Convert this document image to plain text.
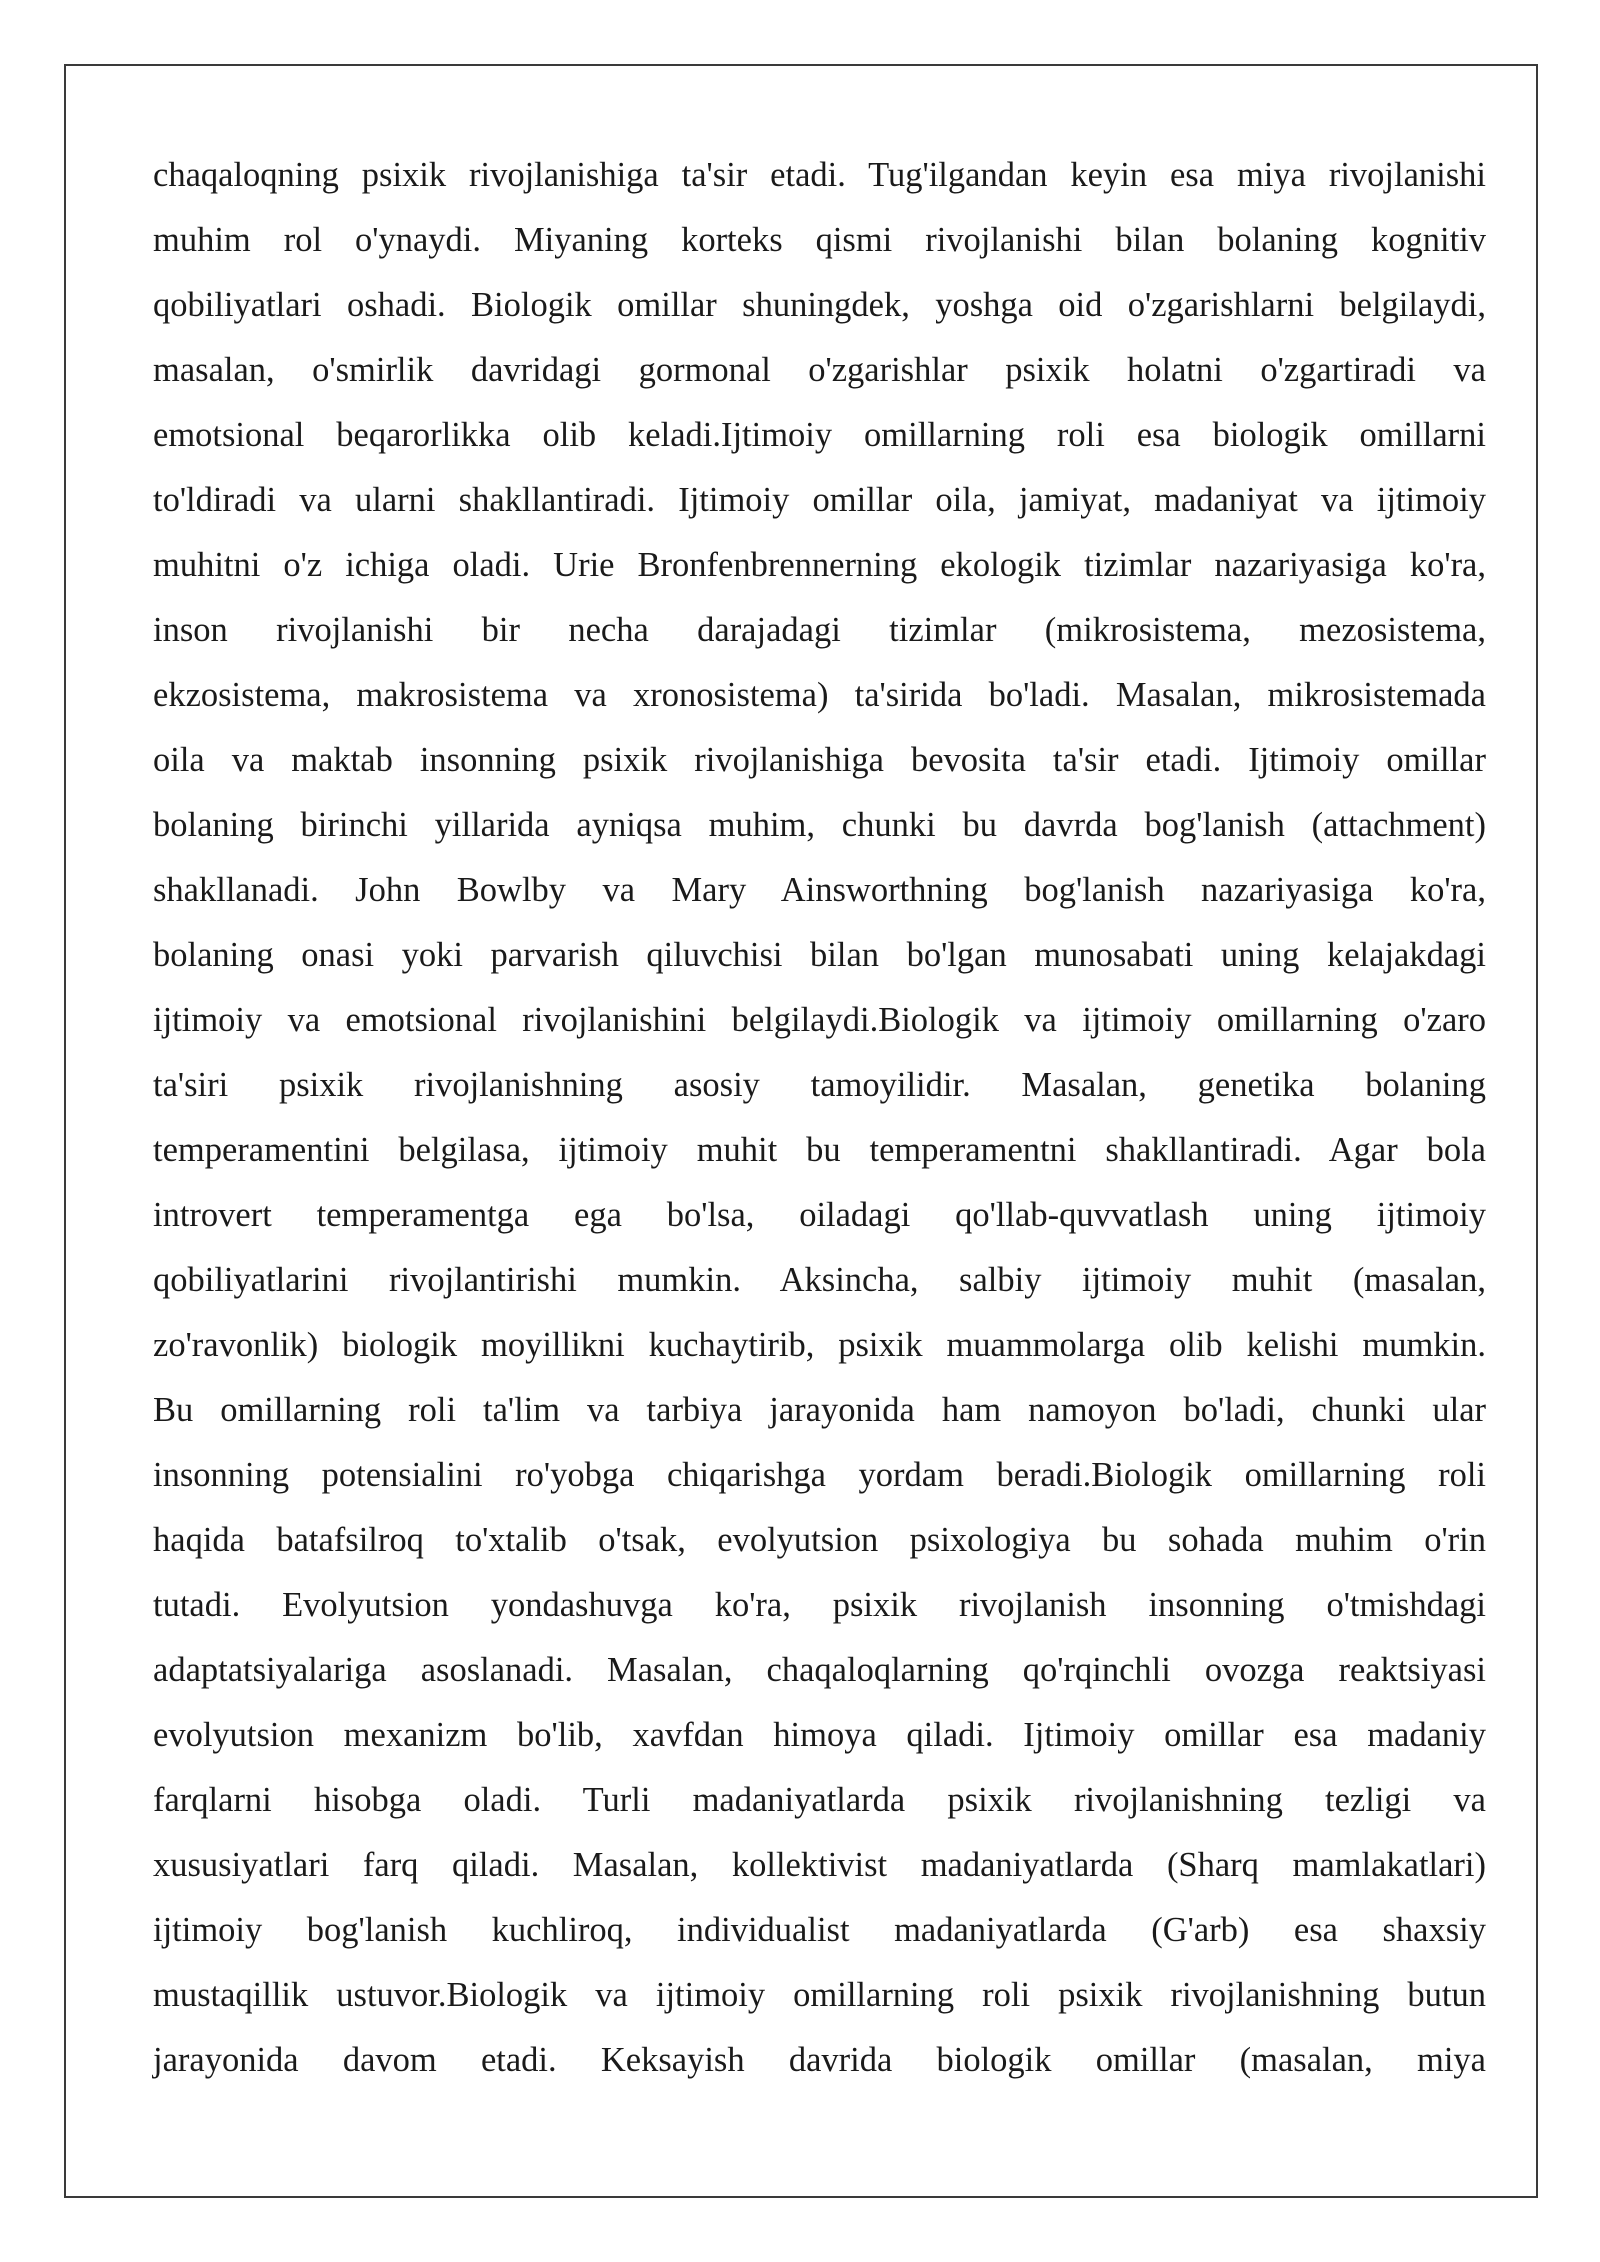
chaqaloqning psixik rivojlanishiga ta'sir etadi. Tug'ilgandan keyin esa miya rivojlanishi
muhim rol o'ynaydi. Miyaning korteks qismi rivojlanishi bilan bolaning kognitiv
qobiliyatlari oshadi. Biologik omillar shuningdek, yoshga oid o'zgarishlarni belgilaydi,
masalan, o'smirlik davridagi gormonal o'zgarishlar psixik holatni o'zgartiradi va
emotsional beqarorlikka olib keladi.Ijtimoiy omillarning roli esa biologik omillarni
to'ldiradi va ularni shakllantiradi. Ijtimoiy omillar oila, jamiyat, madaniyat va ijtimoiy
muhitni o'z ichiga oladi. Urie Bronfenbrennerning ekologik tizimlar nazariyasiga ko'ra,
inson rivojlanishi bir necha darajadagi tizimlar (mikrosistema, mezosistema,
ekzosistema, makrosistema va xronosistema) ta'sirida bo'ladi. Masalan, mikrosistemada
oila va maktab insonning psixik rivojlanishiga bevosita ta'sir etadi. Ijtimoiy omillar
bolaning birinchi yillarida ayniqsa muhim, chunki bu davrda bog'lanish (attachment)
shakllanadi. John Bowlby va Mary Ainsworthning bog'lanish nazariyasiga ko'ra,
bolaning onasi yoki parvarish qiluvchisi bilan bo'lgan munosabati uning kelajakdagi
ijtimoiy va emotsional rivojlanishini belgilaydi.Biologik va ijtimoiy omillarning o'zaro
ta'siri psixik rivojlanishning asosiy tamoyilidir. Masalan, genetika bolaning
temperamentini belgilasa, ijtimoiy muhit bu temperamentni shakllantiradi. Agar bola
introvert temperamentga ega bo'lsa, oiladagi qo'llab-quvvatlash uning ijtimoiy
qobiliyatlarini rivojlantirishi mumkin. Aksincha, salbiy ijtimoiy muhit (masalan,
zo'ravonlik) biologik moyillikni kuchaytirib, psixik muammolarga olib kelishi mumkin.
Bu omillarning roli ta'lim va tarbiya jarayonida ham namoyon bo'ladi, chunki ular
insonning potensialini ro'yobga chiqarishga yordam beradi.Biologik omillarning roli
haqida batafsilroq to'xtalib o'tsak, evolyutsion psixologiya bu sohada muhim o'rin
tutadi. Evolyutsion yondashuvga ko'ra, psixik rivojlanish insonning o'tmishdagi
adaptatsiyalariga asoslanadi. Masalan, chaqaloqlarning qo'rqinchli ovozga reaktsiyasi
evolyutsion mexanizm bo'lib, xavfdan himoya qiladi. Ijtimoiy omillar esa madaniy
farqlarni hisobga oladi. Turli madaniyatlarda psixik rivojlanishning tezligi va
xususiyatlari farq qiladi. Masalan, kollektivist madaniyatlarda (Sharq mamlakatlari)
ijtimoiy bog'lanish kuchliroq, individualist madaniyatlarda (G'arb) esa shaxsiy
mustaqillik ustuvor.Biologik va ijtimoiy omillarning roli psixik rivojlanishning butun
jarayonida davom etadi. Keksayish davrida biologik omillar (masalan, miya
